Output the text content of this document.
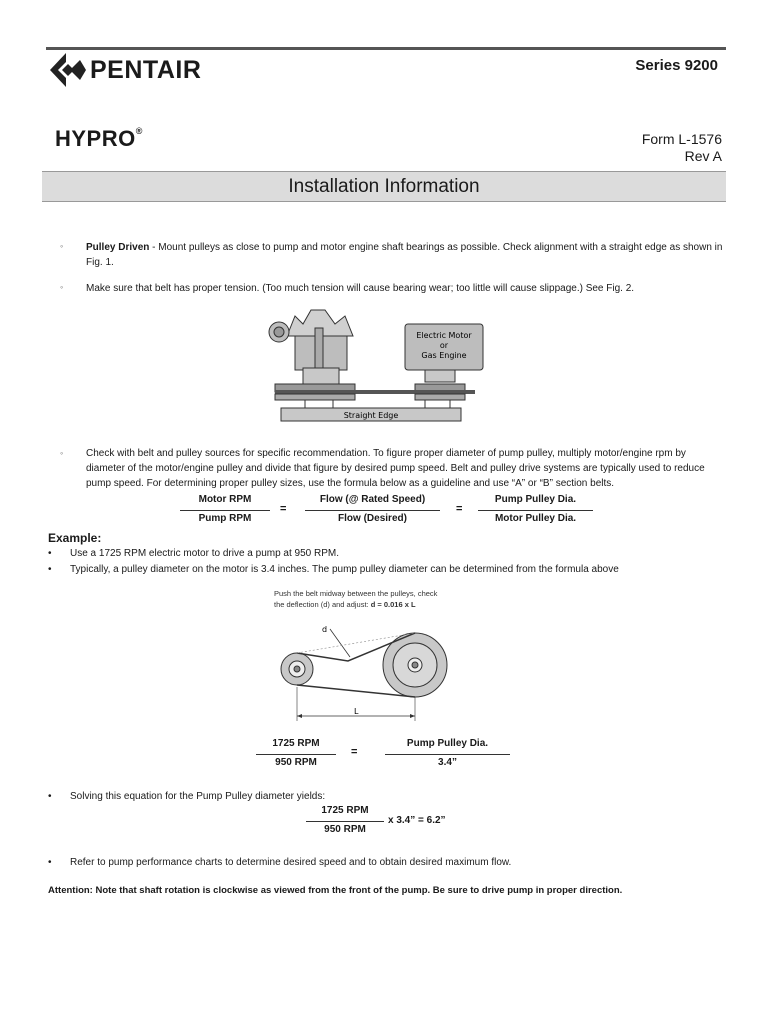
PENTAIR	Series 9200
HYPRO®	Form L-1576
Rev A
Installation Information
◦ Pulley Driven - Mount pulleys as close to pump and motor engine shaft bearings as possible. Check alignment with a straight edge as shown in Fig. 1.
◦ Make sure that belt has proper tension. (Too much tension will cause bearing wear; too little will cause slippage.) See Fig. 2.
Electric Motor
or
Gas Engine
Straight Edge
◦ Check with belt and pulley sources for specific recommendation. To figure proper diameter of pump pulley, multiply motor/engine rpm by diameter of the motor/engine pulley and divide that figure by desired pump speed. Belt and pulley drive systems are typically used to reduce pump speed. For determining proper pulley sizes, use the formula below as a guideline and use “A” or “B” section belts.
Motor RPM
Pump RPM
=
Flow (@ Rated Speed)
Flow (Desired)
=
Pump Pulley Dia.
Motor Pulley Dia.
Example:
• Use a 1725 RPM electric motor to drive a pump at 950 RPM.
• Typically, a pulley diameter on the motor is 3.4 inches. The pump pulley diameter can be determined from the formula above
Push the belt midway between the pulleys, check
the deflection (d) and adjust: d = 0.016 x L
d
L
1725 RPM
950 RPM
=
Pump Pulley Dia.
3.4”
• Solving this equation for the Pump Pulley diameter yields:
1725 RPM
950 RPM
x 3.4” = 6.2”
• Refer to pump performance charts to determine desired speed and to obtain desired maximum flow.
Attention: Note that shaft rotation is clockwise as viewed from the front of the pump. Be sure to drive pump in proper direction.
